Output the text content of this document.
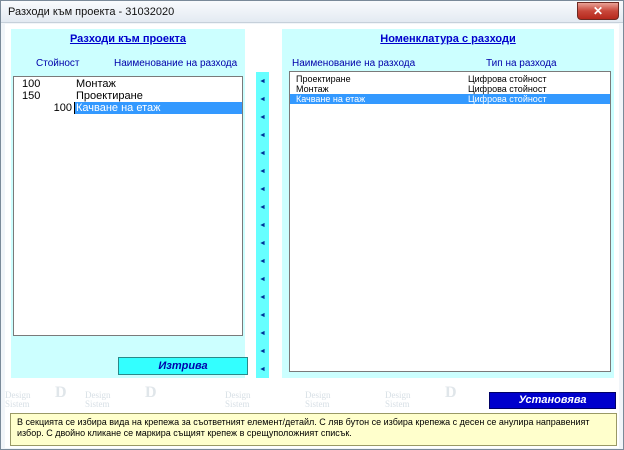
Разходи към проекта - 31032020	✕
Design
Sistem
D Design
Sistem
D	Design
Sistem
Design
Sistem
Design
Sistem
D
Разходи към проекта
Стойност	Наименование на разхода
100	Монтаж
150	Проектиране
100 Качване на етаж
Изтрива
◄
◄
◄
◄
◄
◄
◄
◄
◄
◄
◄
◄
◄
◄
◄
◄
◄
Номенклатура с разходи
Наименование на разхода	Тип на разхода
Проектиране	Цифрова стойност
Монтаж	Цифрова стойност
Качване на етаж	Цифрова стойност
Установява
В секцията се избира вида на крепежа за съответният елемент/детайл. С ляв бутон се избира крепежа с десен се анулира направеният избор. С двойно кликане се маркира същият крепеж в срещуположният списък.
